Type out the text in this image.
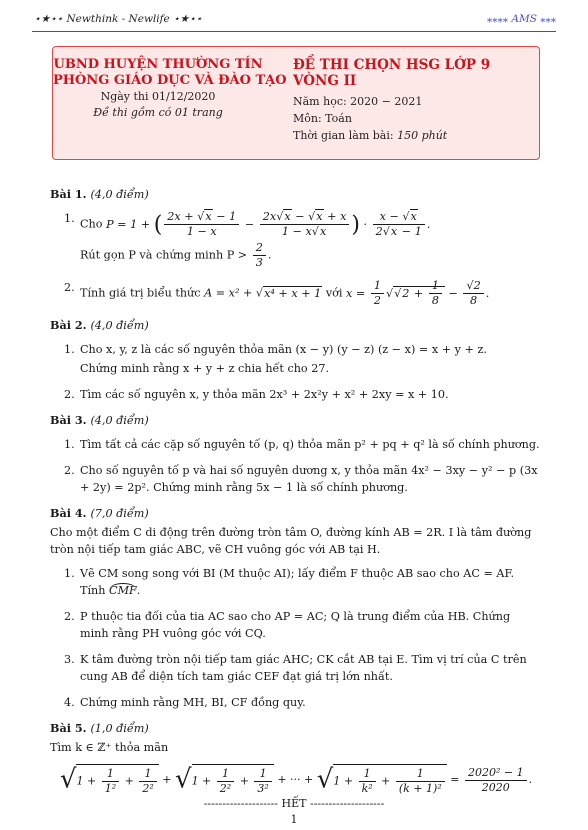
⋆★⋆⋆ Newthink - Newlife ⋆★⋆⋆	⁎⁎⁎⁎ AMS ⁎⁎⁎
UBND HUYỆN THƯỜNG TÍN
PHÒNG GIÁO DỤC VÀ ĐÀO TẠO
Ngày thi 01/12/2020
Đề thi gồm có 01 trang
ĐỀ THI CHỌN HSG LỚP 9 VÒNG II
Năm học: 2020 − 2021
Môn: Toán
Thời gian làm bài: 150 phút
Bài 1. (4,0 điểm)
1. Cho P = 1 + ( $\frac{2x + √x - 1}{1 - x} - \frac{2x√x - √x + x}{1 - x√x}$ ) · $\frac{x - √x}{2√x - 1}$ .
Rút gọn P và chứng minh $P > \frac{2}{3}$ .
2. Tính giá trị biểu thức A = x² + √x⁴ + x + 1 với $x = \frac{1}{2} √√2 + \frac{1}{8} - \frac{√2}{8}$ .
Bài 2. (4,0 điểm)
1. Cho x, y, z là các số nguyên thỏa mãn (x − y) (y − z) (z − x) = x + y + z.
Chứng minh rằng x + y + z chia hết cho 27.
2. Tìm các số nguyên x, y thỏa mãn 2x³ + 2x²y + x² + 2xy = x + 10.
Bài 3. (4,0 điểm)
1. Tìm tất cả các cặp số nguyên tố (p, q) thỏa mãn p² + pq + q² là số chính phương.
2. Cho số nguyên tố p và hai số nguyên dương x, y thỏa mãn 4x² − 3xy − y² − p (3x + 2y) = 2p². Chứng minh rằng 5x − 1 là số chính phương.
Bài 4. (7,0 điểm)
Cho một điểm C di động trên đường tròn tâm O, đường kính AB = 2R. I là tâm đường tròn nội tiếp tam giác ABC, vẽ CH vuông góc với AB tại H.
1. Vẽ CM song song với BI (M thuộc AI); lấy điểm F thuộc AB sao cho AC = AF. Tính CMF.
2. P thuộc tia đối của tia AC sao cho AP = AC; Q là trung điểm của HB. Chứng minh rằng PH vuông góc với CQ.
3. K tâm đường tròn nội tiếp tam giác AHC; CK cắt AB tại E. Tìm vị trí của C trên cung AB để diện tích tam giác CEF đạt giá trị lớn nhất.
4. Chứng minh rằng MH, BI, CF đồng quy.
Bài 5. (1,0 điểm)
Tìm k ∈ ℤ⁺ thỏa mãn
$√1 + \frac{1}{\text{1²}} + \frac{1}{\text{2²}} + √1 + \frac{1}{\text{2²}} + \frac{1}{\text{3²}}$ + ··· + $√1 + \frac{1}{\text{k²}} + \frac{1}{\text{(k + 1)²}} = \frac{\text{2020² − 1}}{2020}$ .
-------------------- HẾT --------------------
1
